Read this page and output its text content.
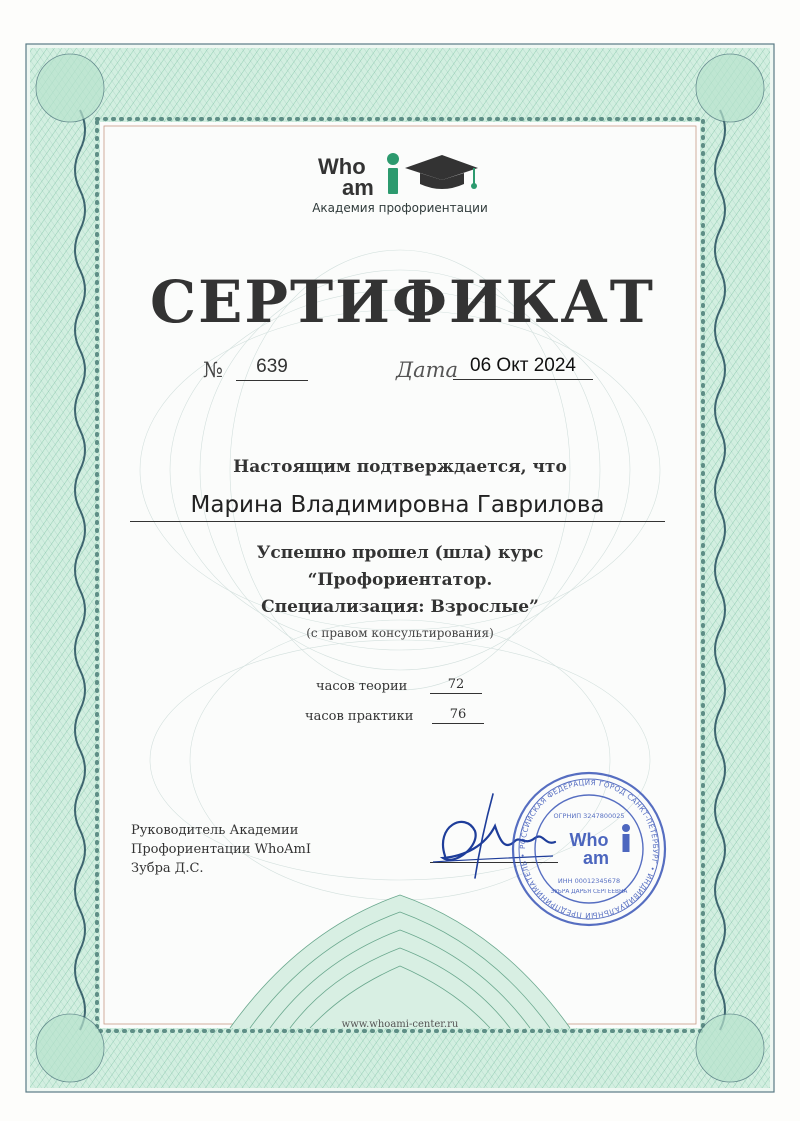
Who
am
Академия профориентации
СЕРТИФИКАТ
№	639	Дата 06 Окт 2024
Настоящим подтверждается, что
Марина Владимировна Гаврилова
Успешно прошел (шла) курс
“Профориентатор.
Специализация: Взрослые”
(с правом консультирования)
часов теории	72
часов практики	76
Руководитель Академии
Профориентации WhoAmI
Зубра Д.С.
РОССИЙСКАЯ ФЕДЕРАЦИЯ ГОРОД САНКТ-ПЕТЕРБУРГ • ИНДИВИДУАЛЬНЫЙ ПРЕДПРИНИМАТЕЛЬ •
ОГРНИП 3247800025
Who
am
ИНН 00012345678
ЗУБРА ДАРЬЯ СЕРГЕЕВНА
www.whoami-center.ru
